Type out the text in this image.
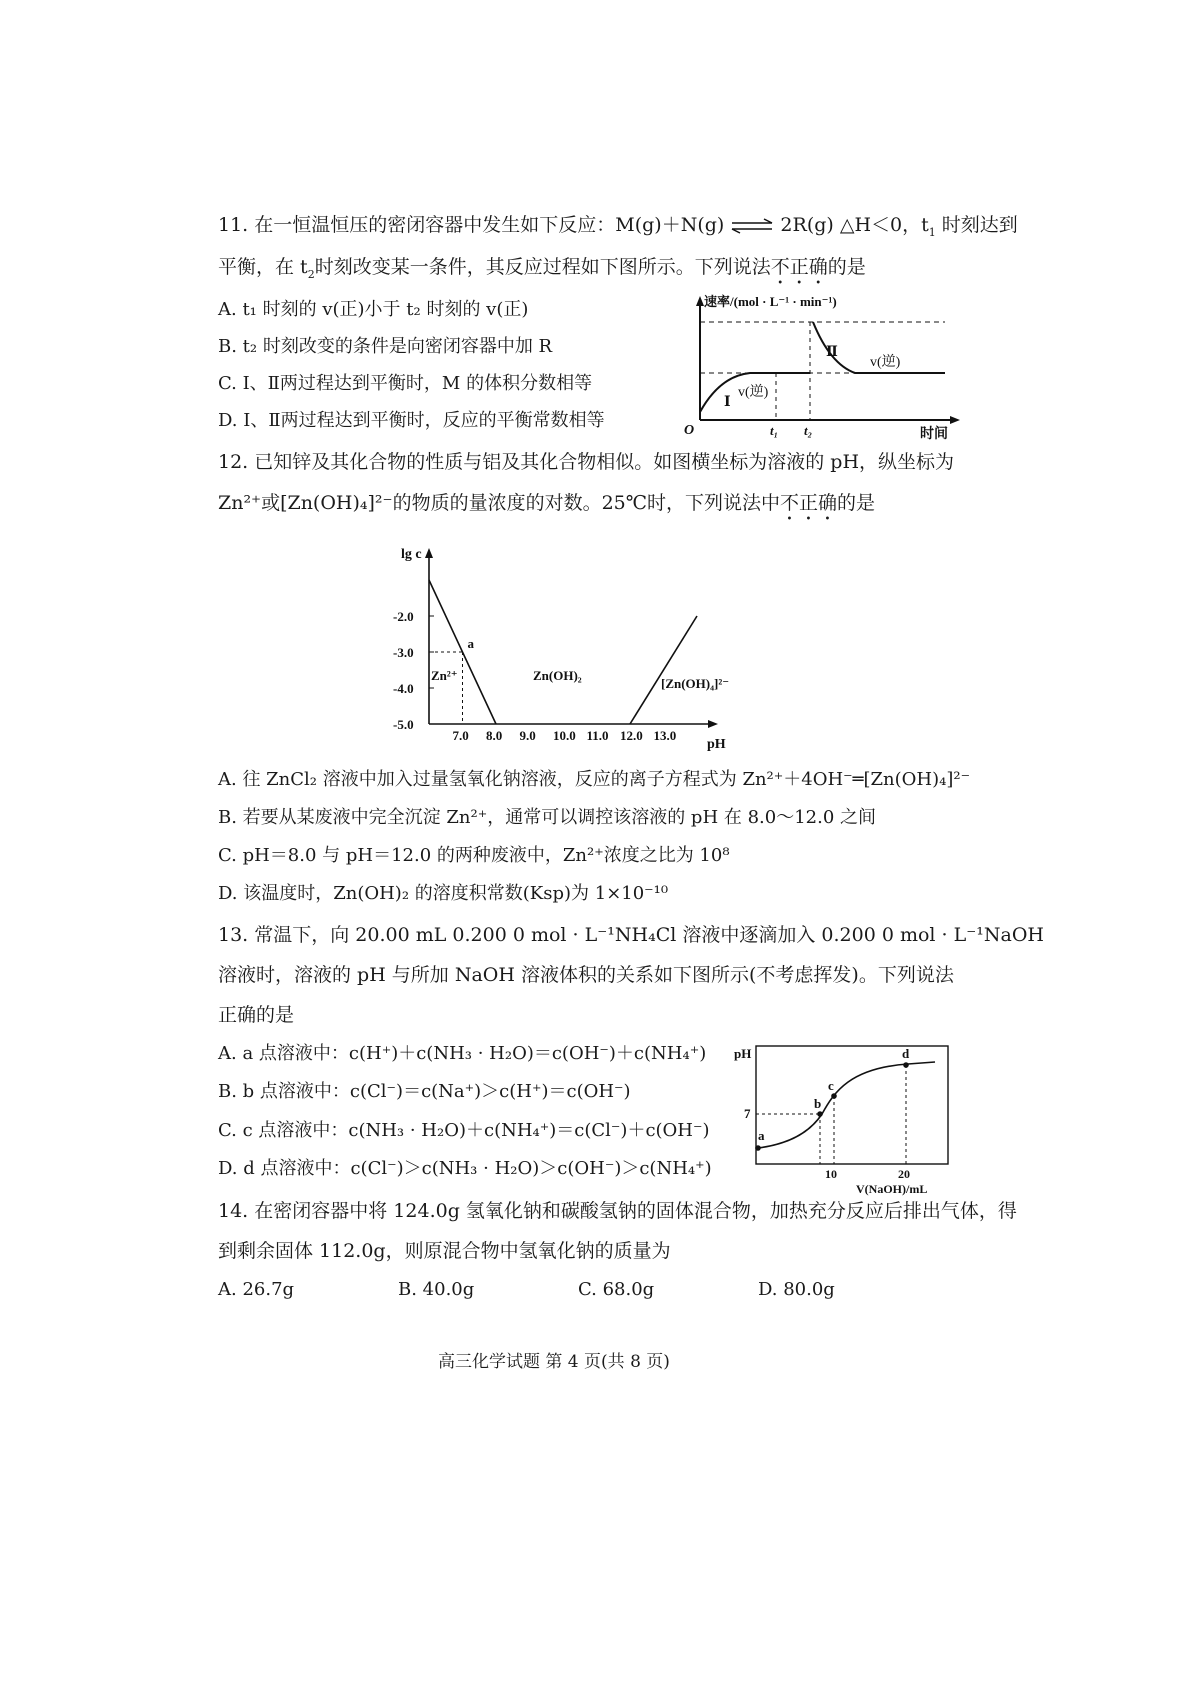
11. 在一恒温恒压的密闭容器中发生如下反应：M(g)＋N(g) ⇌ 2R(g) △H＜0，$t_1$ 时刻达到
平衡，在 $t_2$时刻改变某一条件，其反应过程如下图所示。下列说法不正确的是
A. t₁ 时刻的 v(正)小于 t₂ 时刻的 v(正)
B. t₂ 时刻改变的条件是向密闭容器中加 R
C. Ⅰ、Ⅱ两过程达到平衡时，M 的体积分数相等
D. Ⅰ、Ⅱ两过程达到平衡时，反应的平衡常数相等
速率/(mol · L⁻¹ · min⁻¹)
O	时间
Ⅰ
v(逆)
Ⅱ
v(逆)
t₁ t₂
12. 已知锌及其化合物的性质与铝及其化合物相似。如图横坐标为溶液的 pH，纵坐标为
Zn²⁺或[Zn(OH)₄]²⁻的物质的量浓度的对数。25℃时，下列说法中不正确的是
lg c
pH
7.0 8.0 9.0 10.0 11.0 12.0 13.0
-2.0
-3.0
-4.0
-5.0
a
Zn²⁺	Zn(OH)₂
[Zn(OH)₄]²⁻
A. 往 ZnCl₂ 溶液中加入过量氢氧化钠溶液，反应的离子方程式为 Zn²⁺＋4OH⁻═[Zn(OH)₄]²⁻
B. 若要从某废液中完全沉淀 Zn²⁺，通常可以调控该溶液的 pH 在 8.0～12.0 之间
C. pH＝8.0 与 pH＝12.0 的两种废液中，Zn²⁺浓度之比为 10⁸
D. 该温度时，Zn(OH)₂ 的溶度积常数(Ksp)为 1×10⁻¹⁰
13. 常温下，向 20.00 mL 0.200 0 mol · L⁻¹NH₄Cl 溶液中逐滴加入 0.200 0 mol · L⁻¹NaOH
溶液时，溶液的 pH 与所加 NaOH 溶液体积的关系如下图所示(不考虑挥发)。下列说法
正确的是
A. a 点溶液中：c(H⁺)＋c(NH₃ · H₂O)＝c(OH⁻)＋c(NH₄⁺)
B. b 点溶液中：c(Cl⁻)＝c(Na⁺)＞c(H⁺)＝c(OH⁻)
C. c 点溶液中：c(NH₃ · H₂O)＋c(NH₄⁺)＝c(Cl⁻)＋c(OH⁻)
D. d 点溶液中：c(Cl⁻)＞c(NH₃ · H₂O)＞c(OH⁻)＞c(NH₄⁺)
pH
a
b
c
d
7
10	20
V(NaOH)/mL
14. 在密闭容器中将 124.0g 氢氧化钠和碳酸氢钠的固体混合物，加热充分反应后排出气体，得
到剩余固体 112.0g，则原混合物中氢氧化钠的质量为
A. 26.7g	B. 40.0g	C. 68.0g	D. 80.0g
高三化学试题 第 4 页(共 8 页)
